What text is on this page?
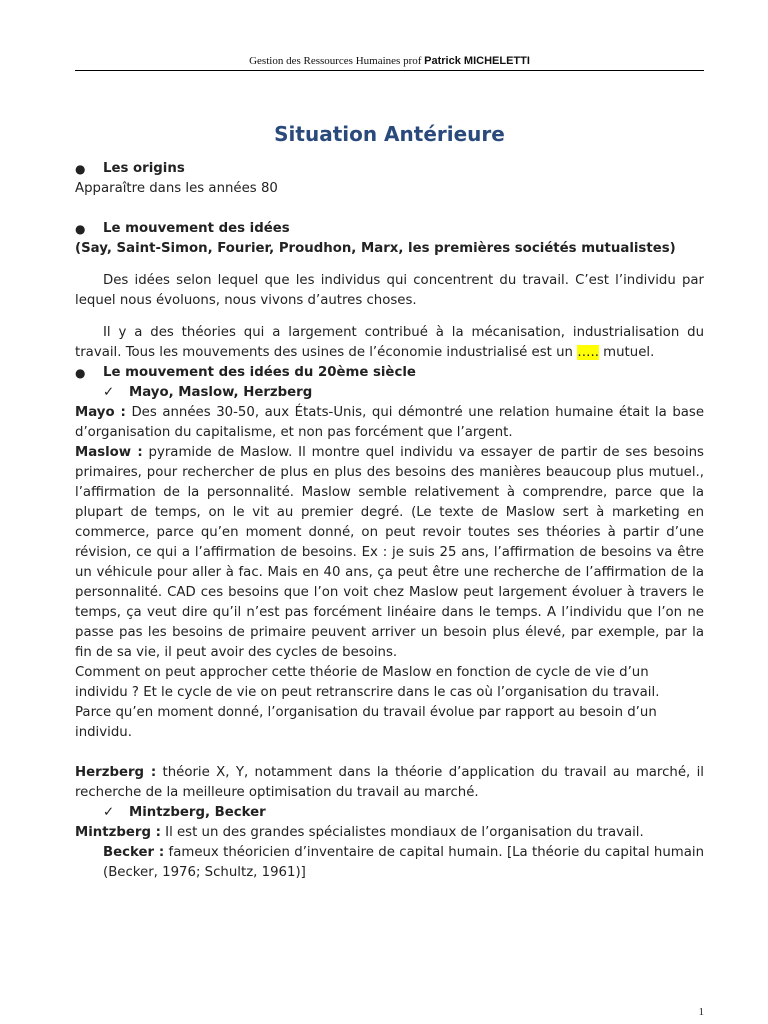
Gestion des Ressources Humaines prof Patrick MICHELETTI
Situation Antérieure
● Les origins
Apparaître dans les années 80
● Le mouvement des idées
(Say, Saint-Simon, Fourier, Proudhon, Marx, les premières sociétés mutualistes)

Des idées selon lequel que les individus qui concentrent du travail. C’est l’individu par lequel nous évoluons, nous vivons d’autres choses.

Il y a des théories qui a largement contribué à la mécanisation, industrialisation du travail. Tous les mouvements des usines de l’économie industrialisé est un ….. mutuel.

● Le mouvement des idées du 20ème siècle
✓ Mayo, Maslow, Herzberg

Mayo : Des années 30-50, aux États-Unis, qui démontré une relation humaine était la base d’organisation du capitalisme, et non pas forcément que l’argent.

Maslow : pyramide de Maslow. Il montre quel individu va essayer de partir de ses besoins primaires, pour rechercher de plus en plus des besoins des manières beaucoup plus mutuel., l’affirmation de la personnalité. Maslow semble relativement à comprendre, parce que la plupart de temps, on le vit au premier degré. (Le texte de Maslow sert à marketing en commerce, parce qu’en moment donné, on peut revoir toutes ses théories à partir d’une révision, ce qui a l’affirmation de besoins. Ex : je suis 25 ans, l’affirmation de besoins va être un véhicule pour aller à fac. Mais en 40 ans, ça peut être une recherche de l’affirmation de la personnalité. CAD ces besoins que l’on voit chez Maslow peut largement évoluer à travers le temps, ça veut dire qu’il n’est pas forcément linéaire dans le temps. A l’individu que l’on ne passe pas les besoins de primaire peuvent arriver un besoin plus élevé, par exemple, par la fin de sa vie, il peut avoir des cycles de besoins.

Comment on peut approcher cette théorie de Maslow en fonction de cycle de vie d’un
individu ? Et le cycle de vie on peut retranscrire dans le cas où l’organisation du travail.
Parce qu’en moment donné, l’organisation du travail évolue par rapport au besoin d’un
individu.

Herzberg : théorie X, Y, notamment dans la théorie d’application du travail au marché, il recherche de la meilleure optimisation du travail au marché.

✓ Mintzberg, Becker
Mintzberg : Il est un des grandes spécialistes mondiaux de l’organisation du travail.

Becker : fameux théoricien d’inventaire de capital humain. [La théorie du capital humain (Becker, 1976; Schultz, 1961)]

1
